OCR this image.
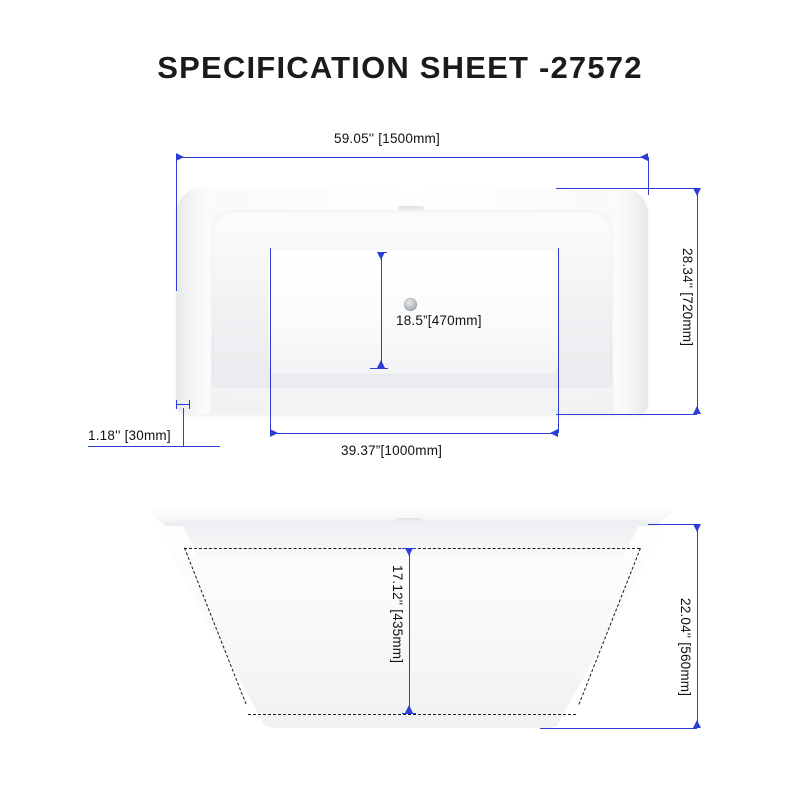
SPECIFICATION SHEET -27572
59.05'' [1500mm]
28.34'' [720mm]
18.5”[470mm]
39.37”[1000mm]
1.18'' [30mm]
17.12'' [435mm]	22.04'' [560mm]
